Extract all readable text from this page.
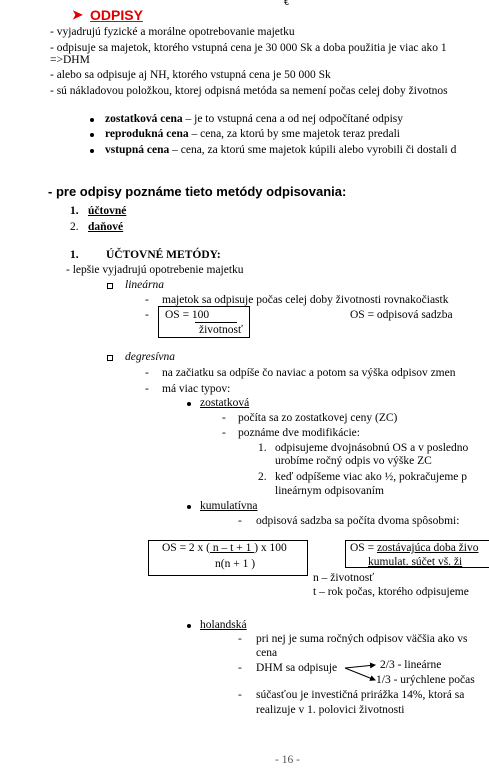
€
➤ ODPISY
- vyjadrujú fyzické a morálne opotrebovanie majetku
- odpisuje sa majetok, ktorého vstupná cena je 30 000 Sk a doba použitia je viac ako 1
=>DHM
- alebo sa odpisuje aj NH, ktorého vstupná cena je 50 000 Sk
- sú nákladovou položkou, ktorej odpisná metóda sa nemení počas celej doby životnos
zostatková cena – je to vstupná cena a od nej odpočítané odpisy
reprodukná cena – cena, za ktorú by sme majetok teraz predali
vstupná cena – cena, za ktorú sme majetok kúpili alebo vyrobili či dostali d
- pre odpisy poznáme tieto metódy odpisovania:
1. účtovné
2. daňové
1. ÚČTOVNÉ METÓDY:
- lepšie vyjadrujú opotrebenie majetku
lineárna
- majetok sa odpisuje počas celej doby životnosti rovnakočiastk
- OS = 100
životnosť
OS = odpisová sadzba
degresívna
- na začiatku sa odpíše čo naviac a potom sa výška odpisov zmen
- má viac typov:
zostatková
- počíta sa zo zostatkovej ceny (ZC)
- poznáme dve modifikácie:
1. odpisujeme dvojnásobnú OS a v posledno
urobíme ročný odpis vo výške ZC
2. keď odpíšeme viac ako ½, pokračujeme p
lineárnym odpisovaním
kumulatívna
- odpisová sadzba sa počíta dvoma spôsobmi:
OS = 2 x ( n – t + 1 ) x 100
n(n + 1 )
OS = zostávajúca doba živo
kumulat. súčet vš. ži
n – životnosť
t – rok počas, ktorého odpisujeme
holandská
- pri nej je suma ročných odpisov väčšia ako vs
cena
- DHM sa odpisuje	2/3 - lineárne
1/3 - urýchlene počas
- súčasťou je investičná prirážka 14%, ktorá sa
realizuje v 1. polovici životnosti
- 16 -
